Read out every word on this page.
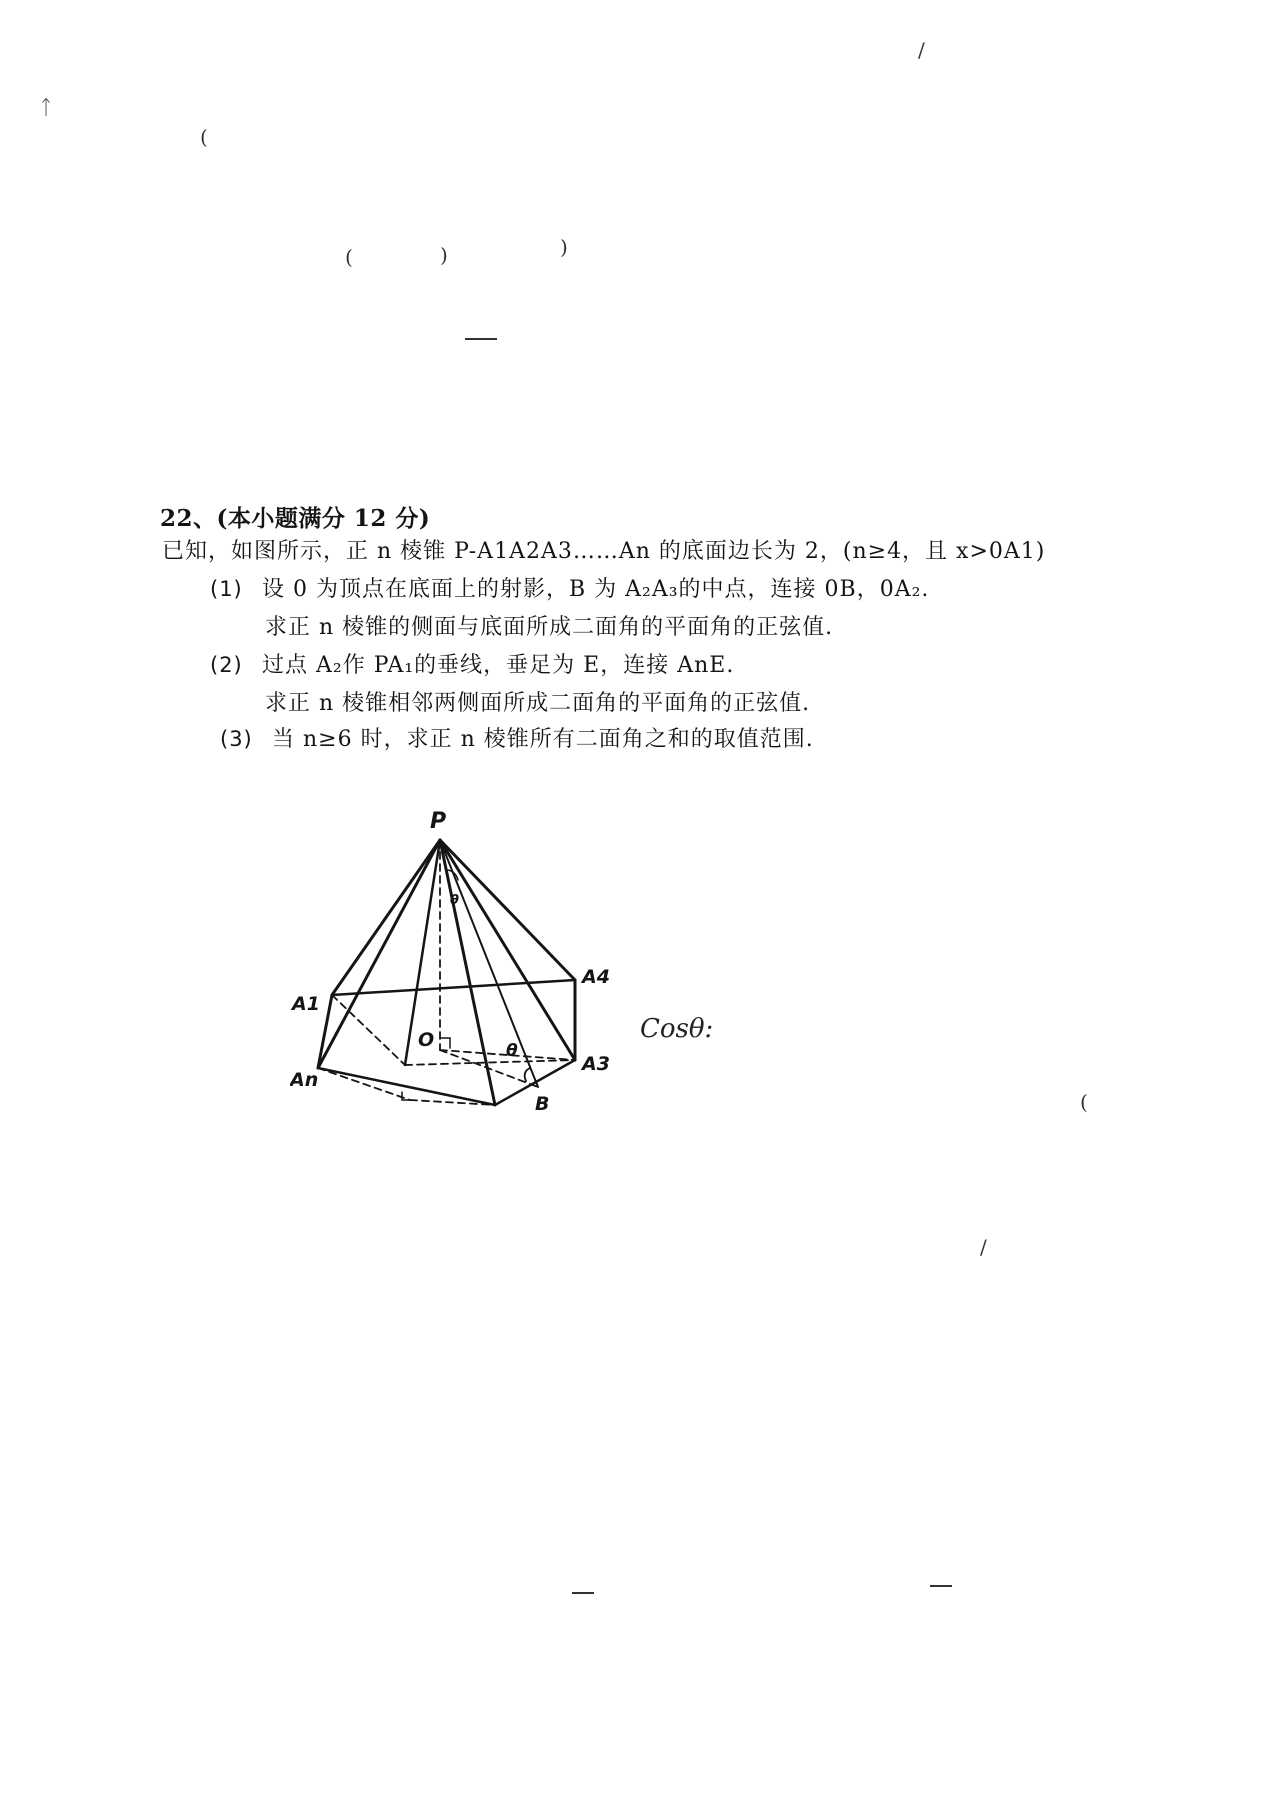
ᛏ
(
(	)	)
/
(
/
22、(本小题满分 12 分)
已知，如图所示，正 n 棱锥 P-A1A2A3……An 的底面边长为 2，(n≥4，且 x>0A1)
(1) 设 0 为顶点在底面上的射影，B 为 A₂A₃的中点，连接 0B，0A₂.
求正 n 棱锥的侧面与底面所成二面角的平面角的正弦值.
(2) 过点 A₂作 PA₁的垂线，垂足为 E，连接 AnE.
求正 n 棱锥相邻两侧面所成二面角的平面角的正弦值.
(3) 当 n≥6 时，求正 n 棱锥所有二面角之和的取值范围.
P
A4
A3
A1
An
O
B
θ
θ
Cosθ:
